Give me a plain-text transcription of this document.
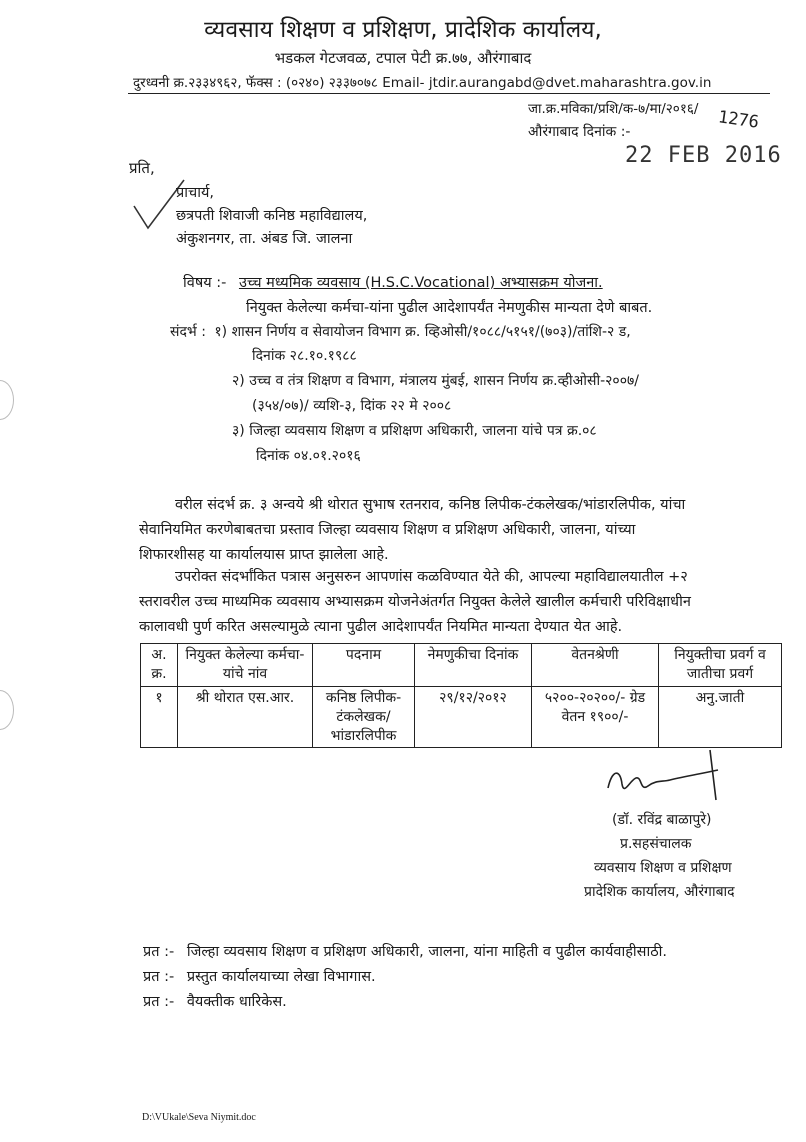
व्यवसाय शिक्षण व प्रशिक्षण, प्रादेशिक कार्यालय,
भडकल गेटजवळ, टपाल पेटी क्र.७७, औरंगाबाद
दुरध्वनी क्र.२३३४९६२, फॅक्स : (०२४०) २३३७०७८ Email- jtdir.aurangabd@dvet.maharashtra.gov.in
जा.क्र.मविका/प्रशि/क-७/मा/२०१६/ 1276
औरंगाबाद दिनांक :-
22 FEB 2016
प्रति,
प्राचार्य,
छत्रपती शिवाजी कनिष्ठ महाविद्यालय,
अंकुशनगर, ता. अंबड जि. जालना
विषय :- उच्च मध्यमिक व्यवसाय (H.S.C.Vocational) अभ्यासक्रम योजना.
नियुक्त केलेल्या कर्मचा-यांना पुढील आदेशापर्यंत नेमणुकीस मान्यता देणे बाबत.
संदर्भ : १) शासन निर्णय व सेवायोजन विभाग क्र. व्हिओसी/१०८८/५१५१/(७०३)/तांशि-२ ड,
दिनांक २८.१०.१९८८
२) उच्च व तंत्र शिक्षण व विभाग, मंत्रालय मुंबई, शासन निर्णय क्र.व्हीओसी-२००७/
(३५४/०७)/ व्यशि-३, दिांक २२ मे २००८
३) जिल्हा व्यवसाय शिक्षण व प्रशिक्षण अधिकारी, जालना यांचे पत्र क्र.०८
दिनांक ०४.०१.२०१६
वरील संदर्भ क्र. ३ अन्वये श्री थोरात सुभाष रतनराव, कनिष्ठ लिपीक-टंकलेखक/भांडारलिपीक, यांचा
सेवानियमित करणेबाबतचा प्रस्ताव जिल्हा व्यवसाय शिक्षण व प्रशिक्षण अधिकारी, जालना, यांच्या
शिफारशीसह या कार्यालयास प्राप्त झालेला आहे.
उपरोक्त संदर्भांकित पत्रास अनुसरुन आपणांस कळविण्यात येते की, आपल्या महाविद्यालयातील +२
स्तरावरील उच्च माध्यमिक व्यवसाय अभ्यासक्रम योजनेअंतर्गत नियुक्त केलेले खालील कर्मचारी परिविक्षाधीन
कालावधी पुर्ण करित असल्यामुळे त्याना पुढील आदेशापर्यंत नियमित मान्यता देण्यात येत आहे.
अ. क्र.	नियुक्त केलेल्या कर्मचा-यांचे नांव	पदनाम	नेमणुकीचा दिनांक	वेतनश्रेणी	नियुक्तीचा प्रवर्ग व जातीचा प्रवर्ग
१	श्री थोरात एस.आर.	कनिष्ठ लिपीक- टंकलेखक/ भांडारलिपीक	२९/१२/२०१२	५२००-२०२००/- ग्रेड वेतन १९००/-	अनु.जाती
(डॉ. रविंद्र बाळापुरे)
प्र.सहसंचालक
व्यवसाय शिक्षण व प्रशिक्षण
प्रादेशिक कार्यालय, औरंगाबाद
प्रत :- जिल्हा व्यवसाय शिक्षण व प्रशिक्षण अधिकारी, जालना, यांना माहिती व पुढील कार्यवाहीसाठी.
प्रत :- प्रस्तुत कार्यालयाच्या लेखा विभागास.
प्रत :- वैयक्तीक धारिकेस.
D:\VUkale\Seva Niymit.doc
